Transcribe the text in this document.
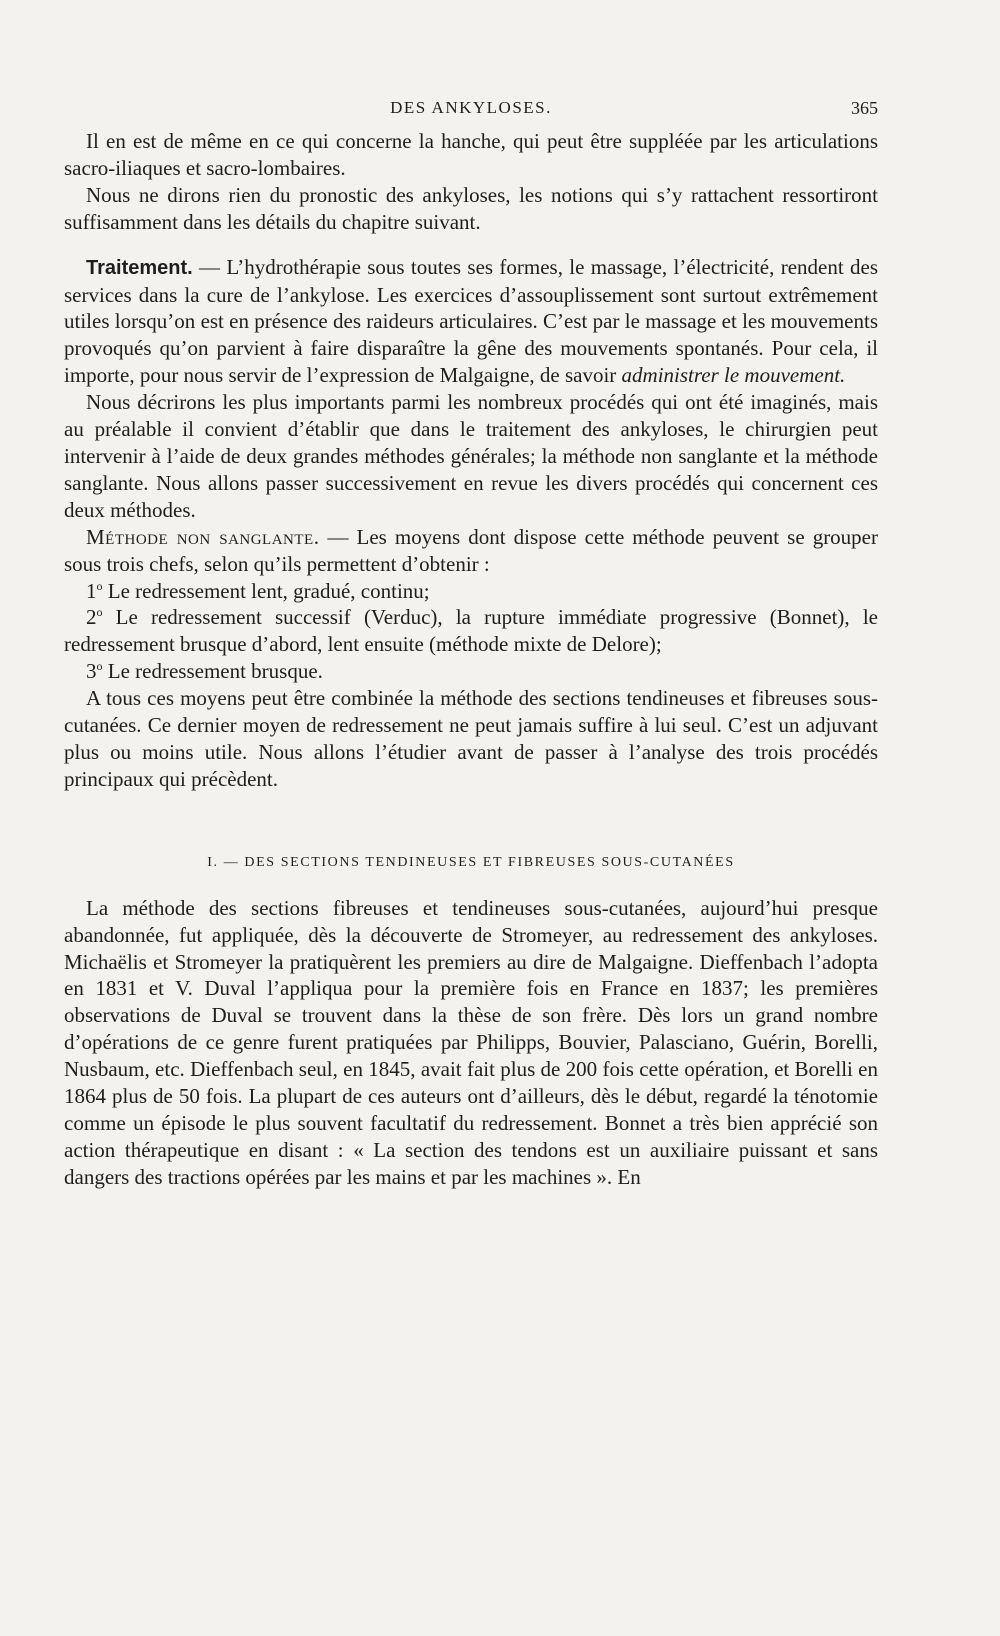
DES ANKYLOSES.	365

Il en est de même en ce qui concerne la hanche, qui peut être suppléée par les articulations sacro-iliaques et sacro-lombaires.

Nous ne dirons rien du pronostic des ankyloses, les notions qui s’y rattachent ressortiront suffisamment dans les détails du chapitre suivant.

Traitement. — L’hydrothérapie sous toutes ses formes, le massage, l’électricité, rendent des services dans la cure de l’ankylose. Les exercices d’assouplissement sont surtout extrêmement utiles lorsqu’on est en présence des raideurs articulaires. C’est par le massage et les mouvements provoqués qu’on parvient à faire disparaître la gêne des mouvements spontanés. Pour cela, il importe, pour nous servir de l’expression de Malgaigne, de savoir administrer le mouvement.

Nous décrirons les plus importants parmi les nombreux procédés qui ont été imaginés, mais au préalable il convient d’établir que dans le traitement des ankyloses, le chirurgien peut intervenir à l’aide de deux grandes méthodes générales; la méthode non sanglante et la méthode sanglante. Nous allons passer successivement en revue les divers procédés qui concernent ces deux méthodes.

Méthode non sanglante. — Les moyens dont dispose cette méthode peuvent se grouper sous trois chefs, selon qu’ils permettent d’obtenir :

1$^o$ Le redressement lent, gradué, continu;

2$^o$ Le redressement successif (Verduc), la rupture immédiate progressive (Bonnet), le redressement brusque d’abord, lent ensuite (méthode mixte de Delore);

3$^o$ Le redressement brusque.

A tous ces moyens peut être combinée la méthode des sections tendineuses et fibreuses sous-cutanées. Ce dernier moyen de redressement ne peut jamais suffire à lui seul. C’est un adjuvant plus ou moins utile. Nous allons l’étudier avant de passer à l’analyse des trois procédés principaux qui précèdent.

I. — DES SECTIONS TENDINEUSES ET FIBREUSES SOUS-CUTANÉES

La méthode des sections fibreuses et tendineuses sous-cutanées, aujourd’hui presque abandonnée, fut appliquée, dès la découverte de Stromeyer, au redressement des ankyloses. Michaëlis et Stromeyer la pratiquèrent les premiers au dire de Malgaigne. Dieffenbach l’adopta en 1831 et V. Duval l’appliqua pour la première fois en France en 1837; les premières observations de Duval se trouvent dans la thèse de son frère. Dès lors un grand nombre d’opérations de ce genre furent pratiquées par Philipps, Bouvier, Palasciano, Guérin, Borelli, Nusbaum, etc. Dieffenbach seul, en 1845, avait fait plus de 200 fois cette opération, et Borelli en 1864 plus de 50 fois. La plupart de ces auteurs ont d’ailleurs, dès le début, regardé la ténotomie comme un épisode le plus souvent facultatif du redressement. Bonnet a très bien apprécié son action thérapeutique en disant : « La section des tendons est un auxiliaire puissant et sans dangers des tractions opérées par les mains et par les machines ». En
